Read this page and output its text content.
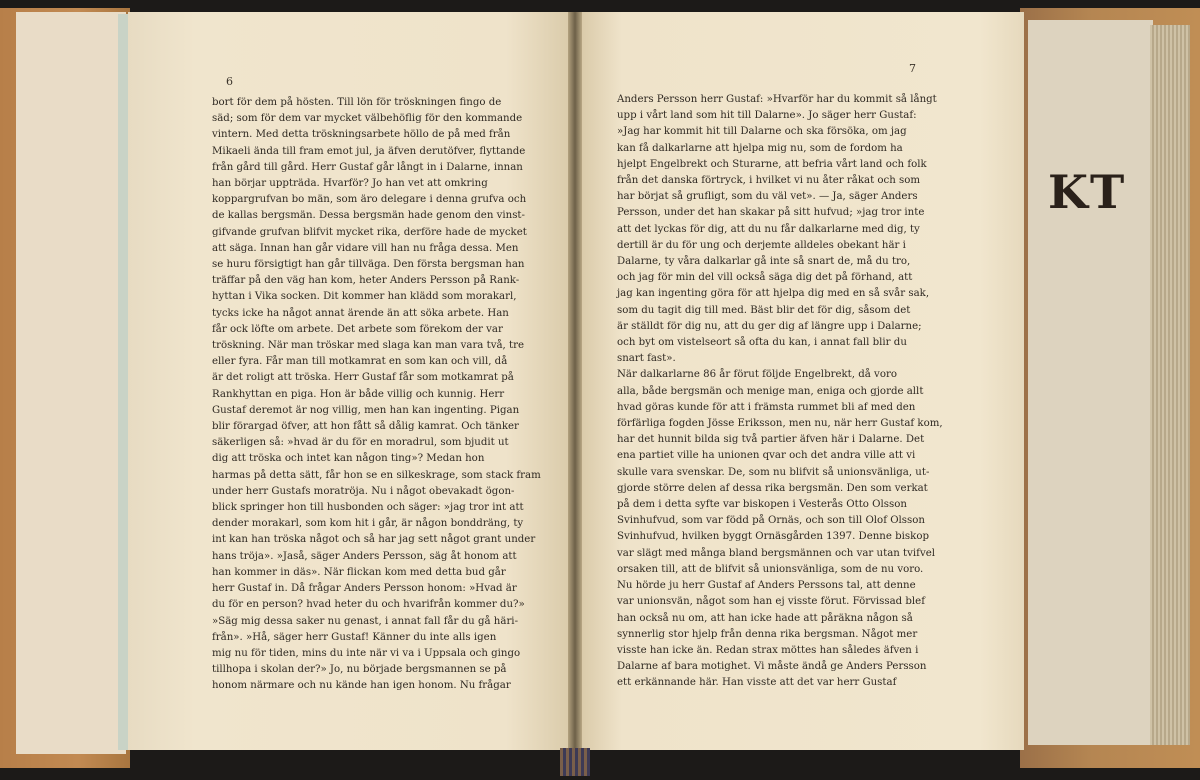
6
bort för dem på hösten. Till lön för tröskningen fingo de
säd; som för dem var mycket välbehöflig för den kommande
vintern. Med detta tröskningsarbete höllo de på med från
Mikaeli ända till fram emot jul, ja äfven derutöfver, flyttande
från gård till gård. Herr Gustaf går långt in i Dalarne, innan
han börjar uppträda. Hvarför? Jo han vet att omkring
koppargrufvan bo män, som äro delegare i denna grufva och
de kallas bergsmän. Dessa bergsmän hade genom den vinst-
gifvande grufvan blifvit mycket rika, derföre hade de mycket
att säga. Innan han går vidare vill han nu fråga dessa. Men
se huru försigtigt han går tillväga. Den första bergsman han
träffar på den väg han kom, heter Anders Persson på Rank-
hyttan i Vika socken. Dit kommer han klädd som morakarl,
tycks icke ha något annat ärende än att söka arbete. Han
får ock löfte om arbete. Det arbete som förekom der var
tröskning. När man tröskar med slaga kan man vara två, tre
eller fyra. Får man till motkamrat en som kan och vill, då
är det roligt att tröska. Herr Gustaf får som motkamrat på
Rankhyttan en piga. Hon är både villig och kunnig. Herr
Gustaf deremot är nog villig, men han kan ingenting. Pigan
blir förargad öfver, att hon fått så dålig kamrat. Och tänker
säkerligen så: »hvad är du för en moradrul, som bjudit ut
dig att tröska och intet kan någon ting»? Medan hon
harmas på detta sätt, får hon se en silkeskrage, som stack fram
under herr Gustafs moratröja. Nu i något obevakadt ögon-
blick springer hon till husbonden och säger: »jag tror int att
dender morakarl, som kom hit i går, är någon bonddräng, ty
int kan han tröska något och så har jag sett något grant under
hans tröja». »Jaså, säger Anders Persson, säg åt honom att
han kommer in däs». När flickan kom med detta bud går
herr Gustaf in. Då frågar Anders Persson honom: »Hvad är
du för en person? hvad heter du och hvarifrån kommer du?»
»Säg mig dessa saker nu genast, i annat fall får du gå häri-
från». »Hå, säger herr Gustaf! Känner du inte alls igen
mig nu för tiden, mins du inte när vi va i Uppsala och gingo
tillhopa i skolan der?» Jo, nu började bergsmannen se på
honom närmare och nu kände han igen honom. Nu frågar
7
Anders Persson herr Gustaf: »Hvarför har du kommit så långt
upp i vårt land som hit till Dalarne». Jo säger herr Gustaf:
»Jag har kommit hit till Dalarne och ska försöka, om jag
kan få dalkarlarne att hjelpa mig nu, som de fordom ha
hjelpt Engelbrekt och Sturarne, att befria vårt land och folk
från det danska förtryck, i hvilket vi nu åter råkat och som
har börjat så grufligt, som du väl vet». — Ja, säger Anders
Persson, under det han skakar på sitt hufvud; »jag tror inte
att det lyckas för dig, att du nu får dalkarlarne med dig, ty
dertill är du för ung och derjemte alldeles obekant här i
Dalarne, ty våra dalkarlar gå inte så snart de, må du tro,
och jag för min del vill också säga dig det på förhand, att
jag kan ingenting göra för att hjelpa dig med en så svår sak,
som du tagit dig till med. Bäst blir det för dig, såsom det
är ställdt för dig nu, att du ger dig af längre upp i Dalarne;
och byt om vistelseort så ofta du kan, i annat fall blir du
snart fast».
När dalkarlarne 86 år förut följde Engelbrekt, då voro
alla, både bergsmän och menige man, eniga och gjorde allt
hvad göras kunde för att i främsta rummet bli af med den
förfärliga fogden Jösse Eriksson, men nu, när herr Gustaf kom,
har det hunnit bilda sig två partier äfven här i Dalarne. Det
ena partiet ville ha unionen qvar och det andra ville att vi
skulle vara svenskar. De, som nu blifvit så unionsvänliga, ut-
gjorde större delen af dessa rika bergsmän. Den som verkat
på dem i detta syfte var biskopen i Vesterås Otto Olsson
Svinhufvud, som var född på Ornäs, och son till Olof Olsson
Svinhufvud, hvilken byggt Ornäsgården 1397. Denne biskop
var slägt med många bland bergsmännen och var utan tvifvel
orsaken till, att de blifvit så unionsvänliga, som de nu voro.
Nu hörde ju herr Gustaf af Anders Perssons tal, att denne
var unionsvän, något som han ej visste förut. Förvissad blef
han också nu om, att han icke hade att påräkna någon så
synnerlig stor hjelp från denna rika bergsman. Något mer
visste han icke än. Redan strax möttes han således äfven i
Dalarne af bara motighet. Vi måste ändå ge Anders Persson
ett erkännande här. Han visste att det var herr Gustaf
KT
